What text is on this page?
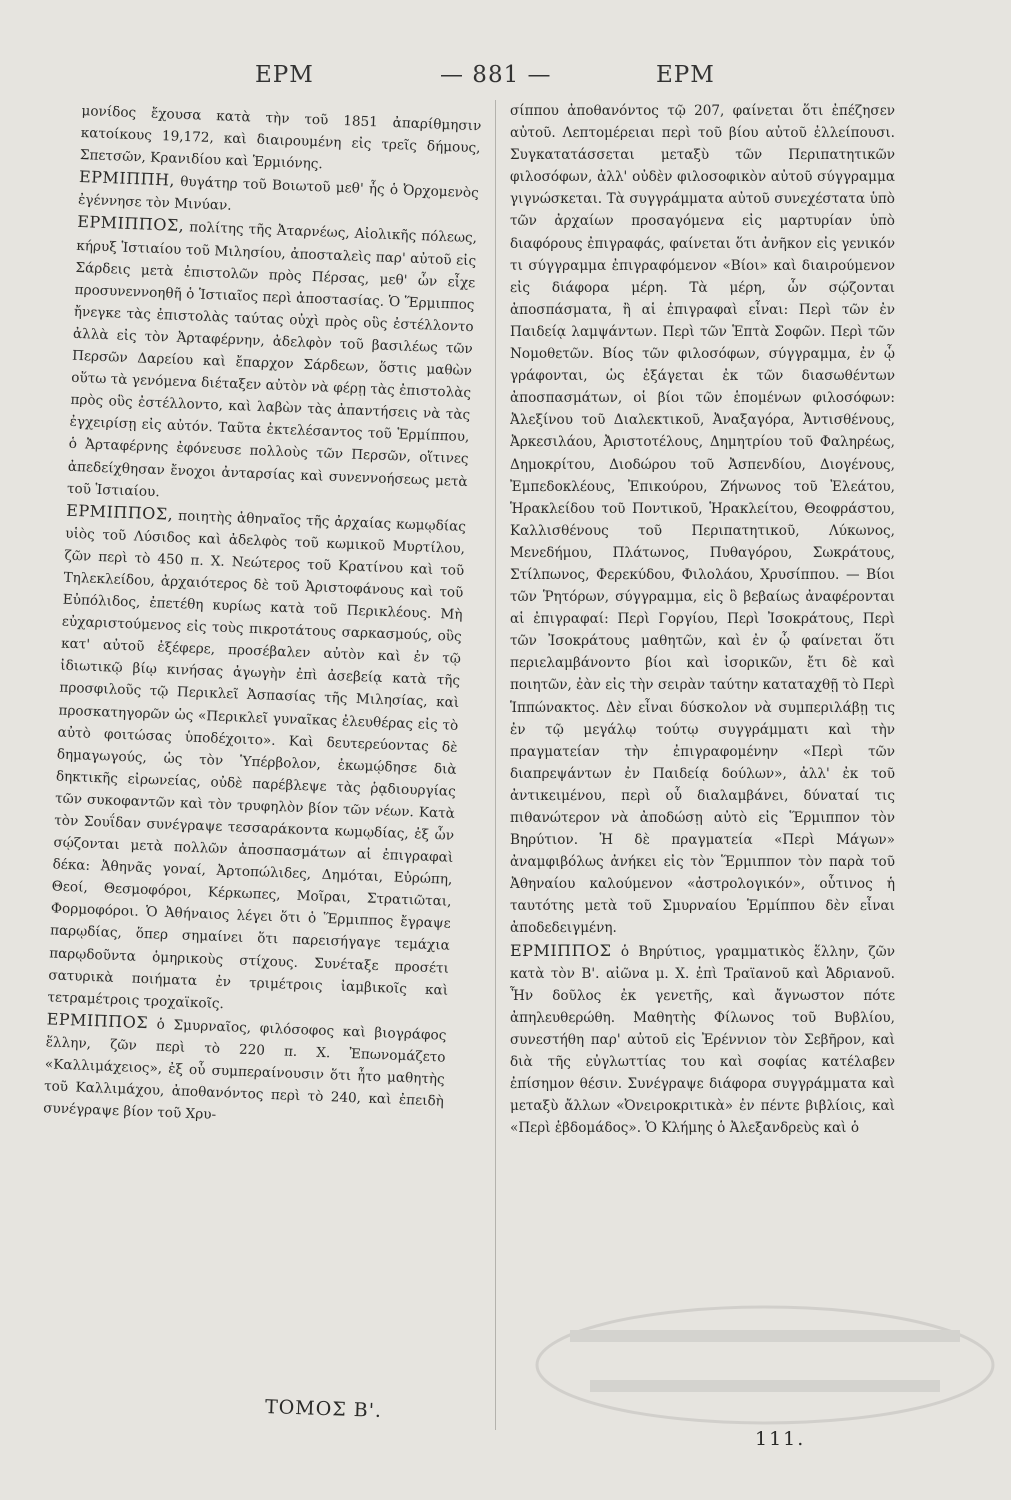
ΕΡΜ	— 881 —	ΕΡΜ

μονίδος ἔχουσα κατὰ τὴν τοῦ 1851 ἀπαρίθμησιν κατοίκους 19,172, καὶ διαιρουμένη εἰς τρεῖς δήμους, Σπετσῶν, Κρανιδίου καὶ Ἑρμιόνης.

ΕΡΜΙΠΠΗ, θυγάτηρ τοῦ Βοιωτοῦ μεθ' ἧς ὁ Ὀρχομενὸς ἐγέννησε τὸν Μινύαν.

ΕΡΜΙΠΠΟΣ, πολίτης τῆς Ἀταρνέως, Αἰολικῆς πόλεως, κήρυξ Ἱστιαίου τοῦ Μιλησίου, ἀποσταλεὶς παρ' αὐτοῦ εἰς Σάρδεις μετὰ ἐπιστολῶν πρὸς Πέρσας, μεθ' ὧν εἶχε προσυνεννοηθῆ ὁ Ἱστιαῖος περὶ ἀποστασίας. Ὁ Ἕρμιππος ἤνεγκε τὰς ἐπιστολὰς ταύτας οὐχὶ πρὸς οὓς ἐστέλλοντο ἀλλὰ εἰς τὸν Ἀρταφέρνην, ἀδελφὸν τοῦ βασιλέως τῶν Περσῶν Δαρείου καὶ ἔπαρχον Σάρδεων, ὅστις μαθὼν οὕτω τὰ γενόμενα διέταξεν αὐτὸν νὰ φέρῃ τὰς ἐπιστολὰς πρὸς οὓς ἐστέλλοντο, καὶ λαβὼν τὰς ἀπαντήσεις νὰ τὰς ἐγχειρίσῃ εἰς αὐτόν. Ταῦτα ἐκτελέσαντος τοῦ Ἑρμίππου, ὁ Ἀρταφέρνης ἐφόνευσε πολλοὺς τῶν Περσῶν, οἵτινες ἀπεδείχθησαν ἔνοχοι ἀνταρσίας καὶ συνεννοήσεως μετὰ τοῦ Ἱστιαίου.

ΕΡΜΙΠΠΟΣ, ποιητὴς ἀθηναῖος τῆς ἀρχαίας κωμῳδίας υἱὸς τοῦ Λύσιδος καὶ ἀδελφὸς τοῦ κωμικοῦ Μυρτίλου, ζῶν περὶ τὸ 450 π. Χ. Νεώτερος τοῦ Κρατίνου καὶ τοῦ Τηλεκλείδου, ἀρχαιότερος δὲ τοῦ Ἀριστοφάνους καὶ τοῦ Εὐπόλιδος, ἐπετέθη κυρίως κατὰ τοῦ Περικλέους. Μὴ εὐχαριστούμενος εἰς τοὺς πικροτάτους σαρκασμούς, οὓς κατ' αὐτοῦ ἐξέφερε, προσέβαλεν αὐτὸν καὶ ἐν τῷ ἰδιωτικῷ βίῳ κινήσας ἀγωγὴν ἐπὶ ἀσεβείᾳ κατὰ τῆς προσφιλοῦς τῷ Περικλεῖ Ἀσπασίας τῆς Μιλησίας, καὶ προσκατηγορῶν ὡς «Περικλεῖ γυναῖκας ἐλευθέρας εἰς τὸ αὐτὸ φοιτώσας ὑποδέχοιτο». Καὶ δευτερεύοντας δὲ δημαγωγούς, ὡς τὸν Ὑπέρβολον, ἐκωμῴδησε διὰ δηκτικῆς εἰρωνείας, οὐδὲ παρέβλεψε τὰς ῥᾳδιουργίας τῶν συκοφαντῶν καὶ τὸν τρυφηλὸν βίον τῶν νέων. Κατὰ τὸν Σουΐδαν συνέγραψε τεσσαράκοντα κωμῳδίας, ἐξ ὧν σῴζονται μετὰ πολλῶν ἀποσπασμάτων αἱ ἐπιγραφαὶ δέκα: Ἀθηνᾶς γοναί, Ἀρτοπώλιδες, Δημόται, Εὐρώπη, Θεοί, Θεσμοφόροι, Κέρκωπες, Μοῖραι, Στρατιῶται, Φορμοφόροι. Ὁ Ἀθήναιος λέγει ὅτι ὁ Ἕρμιππος ἔγραψε παρῳδίας, ὅπερ σημαίνει ὅτι παρεισήγαγε τεμάχια παρῳδοῦντα ὁμηρικοὺς στίχους. Συνέταξε προσέτι σατυρικὰ ποιήματα ἐν τριμέτροις ἰαμβικοῖς καὶ τετραμέτροις τροχαϊκοῖς.

ΕΡΜΙΠΠΟΣ ὁ Σμυρναῖος, φιλόσοφος καὶ βιογράφος ἕλλην, ζῶν περὶ τὸ 220 π. Χ. Ἐπωνομάζετο «Καλλιμάχειος», ἐξ οὗ συμπεραίνουσιν ὅτι ἦτο μαθητὴς τοῦ Καλλιμάχου, ἀποθανόντος περὶ τὸ 240, καὶ ἐπειδὴ συνέγραψε βίον τοῦ Χρυ-

σίππου ἀποθανόντος τῷ 207, φαίνεται ὅτι ἐπέζησεν αὐτοῦ. Λεπτομέρειαι περὶ τοῦ βίου αὐτοῦ ἐλλείπουσι. Συγκατατάσσεται μεταξὺ τῶν Περιπατητικῶν φιλοσόφων, ἀλλ' οὐδὲν φιλοσοφικὸν αὐτοῦ σύγγραμμα γιγνώσκεται. Τὰ συγγράμματα αὐτοῦ συνεχέστατα ὑπὸ τῶν ἀρχαίων προσαγόμενα εἰς μαρτυρίαν ὑπὸ διαφόρους ἐπιγραφάς, φαίνεται ὅτι ἀνῆκον εἰς γενικόν τι σύγγραμμα ἐπιγραφόμενον «Βίοι» καὶ διαιρούμενον εἰς διάφορα μέρη. Τὰ μέρη, ὧν σῴζονται ἀποσπάσματα, ἢ αἱ ἐπιγραφαὶ εἶναι: Περὶ τῶν ἐν Παιδείᾳ λαμψάντων. Περὶ τῶν Ἑπτὰ Σοφῶν. Περὶ τῶν Νομοθετῶν. Βίος τῶν φιλοσόφων, σύγγραμμα, ἐν ᾧ γράφονται, ὡς ἐξάγεται ἐκ τῶν διασωθέντων ἀποσπασμάτων, οἱ βίοι τῶν ἑπομένων φιλοσόφων: Ἀλεξίνου τοῦ Διαλεκτικοῦ, Ἀναξαγόρα, Ἀντισθένους, Ἀρκεσιλάου, Ἀριστοτέλους, Δημητρίου τοῦ Φαληρέως, Δημοκρίτου, Διοδώρου τοῦ Ἀσπενδίου, Διογένους, Ἐμπεδοκλέους, Ἐπικούρου, Ζήνωνος τοῦ Ἐλεάτου, Ἡρακλείδου τοῦ Ποντικοῦ, Ἡρακλείτου, Θεοφράστου, Καλλισθένους τοῦ Περιπατητικοῦ, Λύκωνος, Μενεδήμου, Πλάτωνος, Πυθαγόρου, Σωκράτους, Στίλπωνος, Φερεκύδου, Φιλολάου, Χρυσίππου. — Βίοι τῶν Ῥητόρων, σύγγραμμα, εἰς ὃ βεβαίως ἀναφέρονται αἱ ἐπιγραφαί: Περὶ Γοργίου, Περὶ Ἰσοκράτους, Περὶ τῶν Ἰσοκράτους μαθητῶν, καὶ ἐν ᾧ φαίνεται ὅτι περιελαμβάνοντο βίοι καὶ ἰσορικῶν, ἔτι δὲ καὶ ποιητῶν, ἐὰν εἰς τὴν σειρὰν ταύτην καταταχθῇ τὸ Περὶ Ἱππώνακτος. Δὲν εἶναι δύσκολον νὰ συμπεριλάβῃ τις ἐν τῷ μεγάλῳ τούτῳ συγγράμματι καὶ τὴν πραγματείαν τὴν ἐπιγραφομένην «Περὶ τῶν διαπρεψάντων ἐν Παιδείᾳ δούλων», ἀλλ' ἐκ τοῦ ἀντικειμένου, περὶ οὗ διαλαμβάνει, δύναταί τις πιθανώτερον νὰ ἀποδώσῃ αὐτὸ εἰς Ἕρμιππον τὸν Βηρύτιον. Ἡ δὲ πραγματεία «Περὶ Μάγων» ἀναμφιβόλως ἀνήκει εἰς τὸν Ἕρμιππον τὸν παρὰ τοῦ Ἀθηναίου καλούμενον «ἀστρολογικόν», οὗτινος ἡ ταυτότης μετὰ τοῦ Σμυρναίου Ἑρμίππου δὲν εἶναι ἀποδεδειγμένη.

ΕΡΜΙΠΠΟΣ ὁ Βηρύτιος, γραμματικὸς ἕλλην, ζῶν κατὰ τὸν Β'. αἰῶνα μ. Χ. ἐπὶ Τραϊανοῦ καὶ Ἁδριανοῦ. Ἦν δοῦλος ἐκ γενετῆς, καὶ ἄγνωστον πότε ἀπηλευθερώθη. Μαθητὴς Φίλωνος τοῦ Βυβλίου, συνεστήθη παρ' αὐτοῦ εἰς Ἐρέννιον τὸν Σεβῆρον, καὶ διὰ τῆς εὐγλωττίας του καὶ σοφίας κατέλαβεν ἐπίσημον θέσιν. Συνέγραψε διάφορα συγγράμματα καὶ μεταξὺ ἄλλων «Ὀνειροκριτικὰ» ἐν πέντε βιβλίοις, καὶ «Περὶ ἑβδομάδος». Ὁ Κλήμης ὁ Ἀλεξανδρεὺς καὶ ὁ

ΤΟΜΟΣ Β'.
111.
